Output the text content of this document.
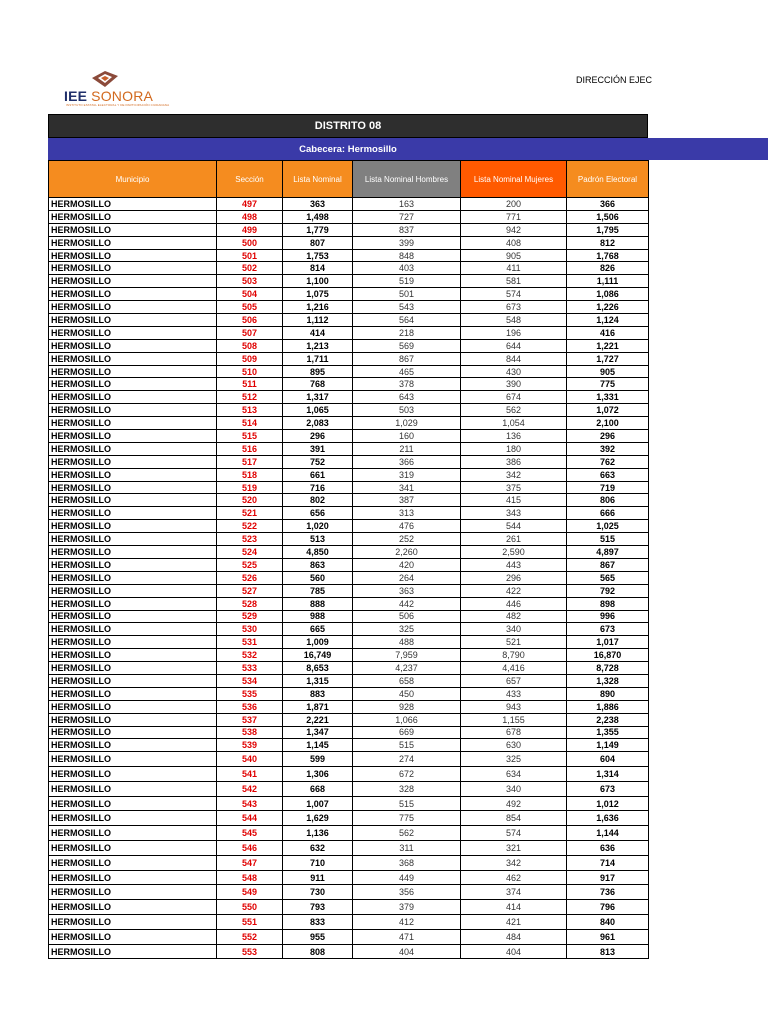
IEE SONORA
INSTITUTO ESTATAL ELECTORAL Y DE PARTICIPACIÓN CIUDADANA
DIRECCIÓN EJEC
DISTRITO 08
Cabecera: Hermosillo
Municipio	Sección	Lista Nominal	Lista Nominal Hombres	Lista Nominal Mujeres	Padrón Electoral
HERMOSILLO	497	363	163	200	366
HERMOSILLO	498	1,498	727	771	1,506
HERMOSILLO	499	1,779	837	942	1,795
HERMOSILLO	500	807	399	408	812
HERMOSILLO	501	1,753	848	905	1,768
HERMOSILLO	502	814	403	411	826
HERMOSILLO	503	1,100	519	581	1,111
HERMOSILLO	504	1,075	501	574	1,086
HERMOSILLO	505	1,216	543	673	1,226
HERMOSILLO	506	1,112	564	548	1,124
HERMOSILLO	507	414	218	196	416
HERMOSILLO	508	1,213	569	644	1,221
HERMOSILLO	509	1,711	867	844	1,727
HERMOSILLO	510	895	465	430	905
HERMOSILLO	511	768	378	390	775
HERMOSILLO	512	1,317	643	674	1,331
HERMOSILLO	513	1,065	503	562	1,072
HERMOSILLO	514	2,083	1,029	1,054	2,100
HERMOSILLO	515	296	160	136	296
HERMOSILLO	516	391	211	180	392
HERMOSILLO	517	752	366	386	762
HERMOSILLO	518	661	319	342	663
HERMOSILLO	519	716	341	375	719
HERMOSILLO	520	802	387	415	806
HERMOSILLO	521	656	313	343	666
HERMOSILLO	522	1,020	476	544	1,025
HERMOSILLO	523	513	252	261	515
HERMOSILLO	524	4,850	2,260	2,590	4,897
HERMOSILLO	525	863	420	443	867
HERMOSILLO	526	560	264	296	565
HERMOSILLO	527	785	363	422	792
HERMOSILLO	528	888	442	446	898
HERMOSILLO	529	988	506	482	996
HERMOSILLO	530	665	325	340	673
HERMOSILLO	531	1,009	488	521	1,017
HERMOSILLO	532	16,749	7,959	8,790	16,870
HERMOSILLO	533	8,653	4,237	4,416	8,728
HERMOSILLO	534	1,315	658	657	1,328
HERMOSILLO	535	883	450	433	890
HERMOSILLO	536	1,871	928	943	1,886
HERMOSILLO	537	2,221	1,066	1,155	2,238
HERMOSILLO	538	1,347	669	678	1,355
HERMOSILLO	539	1,145	515	630	1,149
HERMOSILLO	540	599	274	325	604
HERMOSILLO	541	1,306	672	634	1,314
HERMOSILLO	542	668	328	340	673
HERMOSILLO	543	1,007	515	492	1,012
HERMOSILLO	544	1,629	775	854	1,636
HERMOSILLO	545	1,136	562	574	1,144
HERMOSILLO	546	632	311	321	636
HERMOSILLO	547	710	368	342	714
HERMOSILLO	548	911	449	462	917
HERMOSILLO	549	730	356	374	736
HERMOSILLO	550	793	379	414	796
HERMOSILLO	551	833	412	421	840
HERMOSILLO	552	955	471	484	961
HERMOSILLO	553	808	404	404	813
